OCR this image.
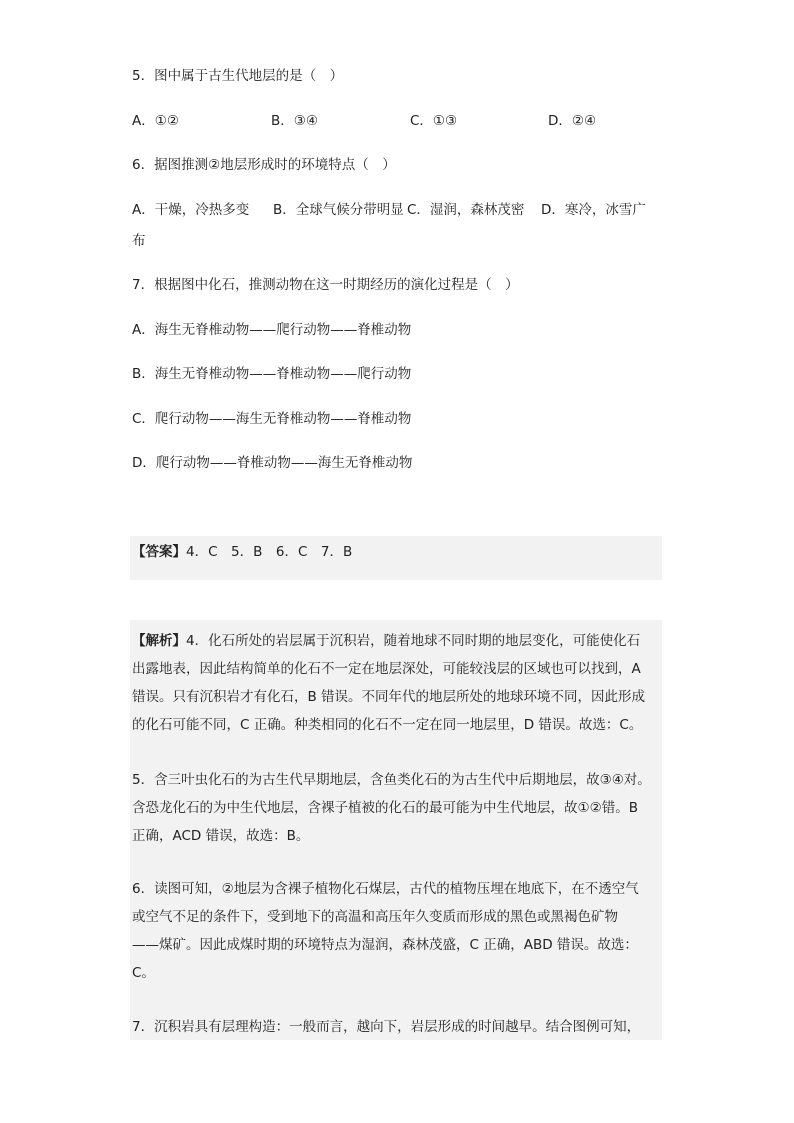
5．图中属于古生代地层的是（　）
A．①②	B．③④	C．①③	D．②④
6．据图推测②地层形成时的环境特点（　）
A．干燥，冷热多变 B．全球气候分带明显 C．湿润，森林茂密 D．寒冷，冰雪广
布
7．根据图中化石，推测动物在这一时期经历的演化过程是（　）
A．海生无脊椎动物——爬行动物——脊椎动物
B．海生无脊椎动物——脊椎动物——爬行动物
C．爬行动物——海生无脊椎动物——脊椎动物
D．爬行动物——脊椎动物——海生无脊椎动物
【答案】4．C　5．B　6．C　7．B

【解析】4．化石所处的岩层属于沉积岩，随着地球不同时期的地层变化，可能使化石

出露地表，因此结构简单的化石不一定在地层深处，可能较浅层的区域也可以找到，A

错误。只有沉积岩才有化石，B 错误。不同年代的地层所处的地球环境不同，因此形成

的化石可能不同，C 正确。种类相同的化石不一定在同一地层里，D 错误。故选：C。

5．含三叶虫化石的为古生代早期地层，含鱼类化石的为古生代中后期地层，故③④对。

含恐龙化石的为中生代地层，含裸子植被的化石的最可能为中生代地层，故①②错。B

正确，ACD 错误，故选：B。

6．读图可知，②地层为含裸子植物化石煤层，古代的植物压埋在地底下，在不透空气

或空气不足的条件下，受到地下的高温和高压年久变质而形成的黑色或黑褐色矿物

——煤矿。因此成煤时期的环境特点为湿润，森林茂盛，C 正确，ABD 错误。故选：

C。

7．沉积岩具有层理构造：一般而言，越向下，岩层形成的时间越早。结合图例可知，
